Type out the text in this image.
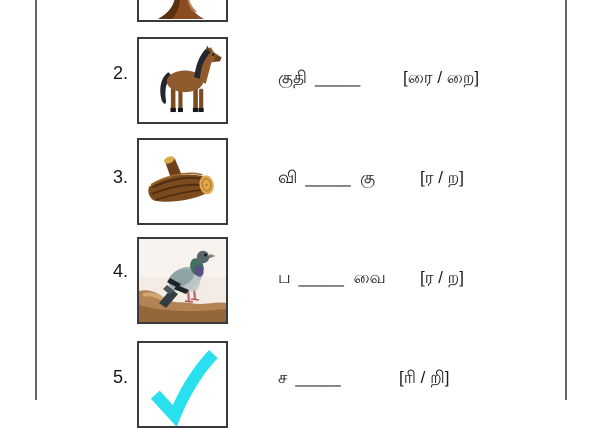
2.	குதி _____	[ரை / றை]
3.	வி _____ கு	[ர / ற]
4.	ப _____ வை [ர / ற]
5.	ச _____	[ரி / றி]
